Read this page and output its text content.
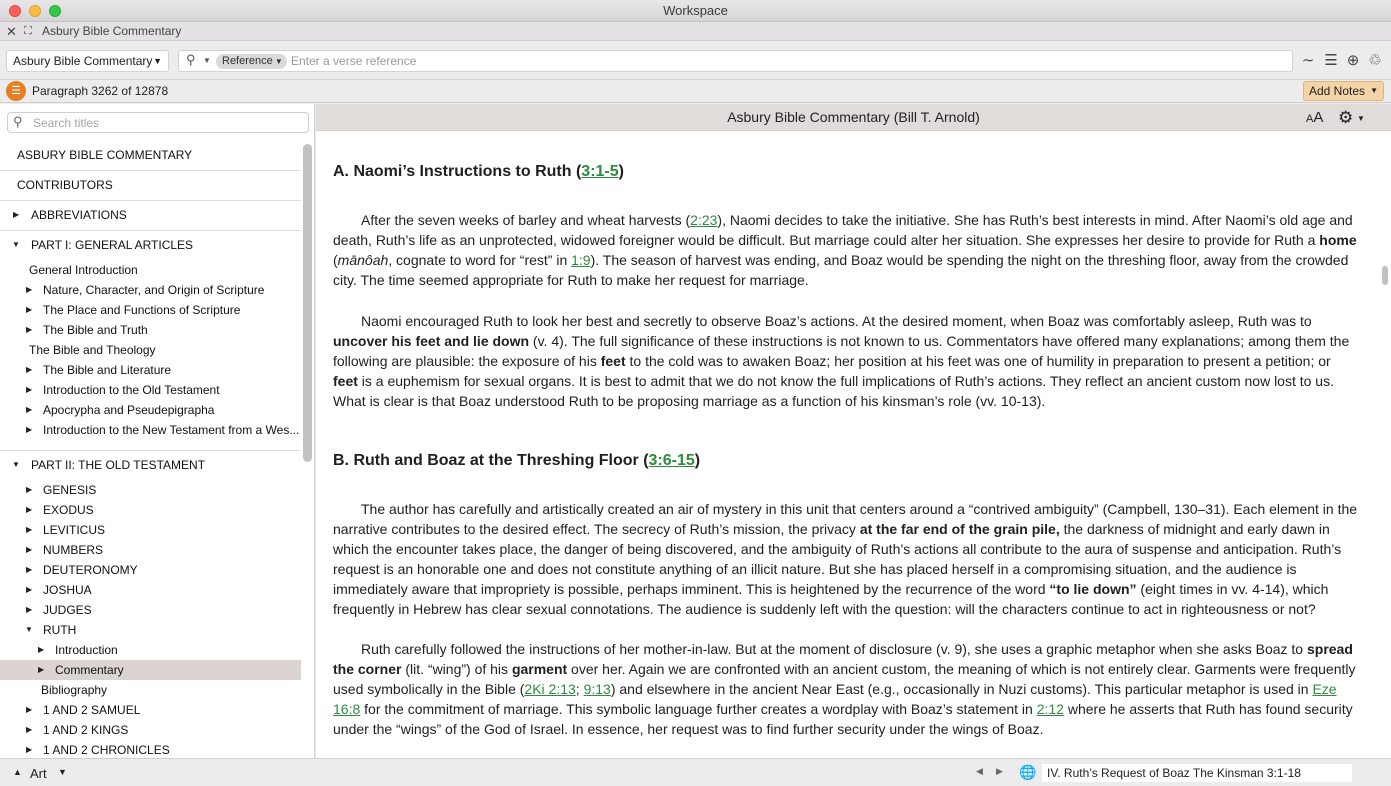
Workspace
✕ ⛶ Asbury Bible Commentary
Asbury Bible Commentary ▼ ⚲ ▼	Reference ▼
Enter a verse reference	∼ ☰ ⊕ ♲
☰ Paragraph 3262 of 12878	Add Notes ▼
⚲
Search titles
ASBURY BIBLE COMMENTARY
CONTRIBUTORS
▶ ABBREVIATIONS
▼ PART I: GENERAL ARTICLES
General Introduction
▶ Nature, Character, and Origin of Scripture
▶ The Place and Functions of Scripture
▶ The Bible and Truth
The Bible and Theology
▶ The Bible and Literature
▶ Introduction to the Old Testament
▶ Apocrypha and Pseudepigrapha
▶ Introduction to the New Testament from a Wes...
▼ PART II: THE OLD TESTAMENT
▶ GENESIS
▶ EXODUS
▶ LEVITICUS
▶ NUMBERS
▶ DEUTERONOMY
▶ JOSHUA
▶ JUDGES
▼ RUTH
▶ Introduction
▶ Commentary
Bibliography
▶ 1 AND 2 SAMUEL
▶ 1 AND 2 KINGS
▶ 1 AND 2 CHRONICLES
Asbury Bible Commentary (Bill T. Arnold)	AA ⚙ ▼
A. Naomi’s Instructions to Ruth (3:1-5)
After the seven weeks of barley and wheat harvests (2:23), Naomi decides to take the initiative. She has Ruth’s best interests in mind. After Naomi’s old age and death, Ruth’s life as an unprotected, widowed foreigner would be difficult. But marriage could alter her situation. She expresses her desire to provide for Ruth a home (mānôah, cognate to word for “rest” in 1:9). The season of harvest was ending, and Boaz would be spending the night on the threshing floor, away from the crowded city. The time seemed appropriate for Ruth to make her request for marriage.
Naomi encouraged Ruth to look her best and secretly to observe Boaz’s actions. At the desired moment, when Boaz was comfortably asleep, Ruth was to uncover his feet and lie down (v. 4). The full significance of these instructions is not known to us. Commentators have offered many explanations; among them the following are plausible: the exposure of his feet to the cold was to awaken Boaz; her position at his feet was one of humility in preparation to present a petition; or feet is a euphemism for sexual organs. It is best to admit that we do not know the full implications of Ruth’s actions. They reflect an ancient custom now lost to us. What is clear is that Boaz understood Ruth to be proposing marriage as a function of his kinsman’s role (vv. 10-13).
B. Ruth and Boaz at the Threshing Floor (3:6-15)
The author has carefully and artistically created an air of mystery in this unit that centers around a “contrived ambiguity” (Campbell, 130–31). Each element in the narrative contributes to the desired effect. The secrecy of Ruth’s mission, the privacy at the far end of the grain pile, the darkness of midnight and early dawn in which the encounter takes place, the danger of being discovered, and the ambiguity of Ruth’s actions all contribute to the aura of suspense and anticipation. Ruth’s request is an honorable one and does not constitute anything of an illicit nature. But she has placed herself in a compromising situation, and the audience is immediately aware that impropriety is possible, perhaps imminent. This is heightened by the recurrence of the word “to lie down” (eight times in vv. 4-14), which frequently in Hebrew has clear sexual connotations. The audience is suddenly left with the question: will the characters continue to act in righteousness or not?
Ruth carefully followed the instructions of her mother-in-law. But at the moment of disclosure (v. 9), she uses a graphic metaphor when she asks Boaz to spread the corner (lit. “wing”) of his garment over her. Again we are confronted with an ancient custom, the meaning of which is not entirely clear. Garments were frequently used symbolically in the Bible (2Ki 2:13; 9:13) and elsewhere in the ancient Near East (e.g., occasionally in Nuzi customs). This particular metaphor is used in Eze 16:8 for the commitment of marriage. This symbolic language further creates a wordplay with Boaz’s statement in 2:12 where he asserts that Ruth has found security under the “wings” of the God of Israel. In essence, her request was to find further security under the wings of Boaz.
▲ Art ▼	◀ ▶ 🌐 IV. Ruth’s Request of Boaz The Kinsman 3:1-18
